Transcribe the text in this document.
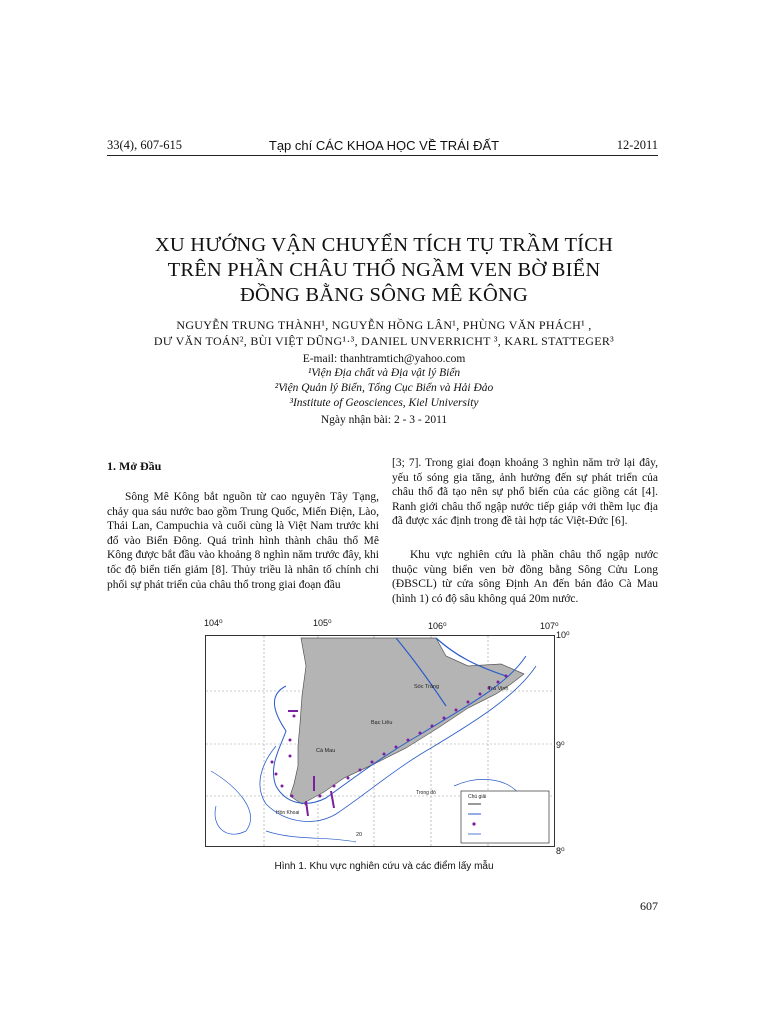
33(4), 607-615	Tạp chí CÁC KHOA HỌC VỀ TRÁI ĐẤT	12-2011
XU HƯỚNG VẬN CHUYỂN TÍCH TỤ TRẦM TÍCH
TRÊN PHẦN CHÂU THỔ NGẦM VEN BỜ BIỂN
ĐỒNG BẰNG SÔNG MÊ KÔNG
NGUYỄN TRUNG THÀNH¹, NGUYỄN HỒNG LÂN¹, PHÙNG VĂN PHÁCH¹ ,
DƯ VĂN TOÁN², BÙI VIỆT DŨNG¹·³, DANIEL UNVERRICHT ³, KARL STATTEGER³
E-mail: thanhtramtich@yahoo.com
¹Viện Địa chất và Địa vật lý Biển
²Viện Quản lý Biển, Tổng Cục Biển và Hải Đảo
³Institute of Geosciences, Kiel University
Ngày nhận bài: 2 - 3 - 2011
1. Mở Đầu
Sông Mê Kông bắt nguồn từ cao nguyên Tây Tạng, chảy qua sáu nước bao gồm Trung Quốc, Miến Điện, Lào, Thái Lan, Campuchia và cuối cùng là Việt Nam trước khi đổ vào Biển Đông. Quá trình hình thành châu thổ Mê Kông được bắt đầu vào khoảng 8 nghìn năm trước đây, khi tốc độ biển tiến giảm [8]. Thủy triều là nhân tố chính chi phối sự phát triển của châu thổ trong giai đoạn đầu
[3; 7]. Trong giai đoạn khoảng 3 nghìn năm trở lại đây, yếu tố sóng gia tăng, ảnh hưởng đến sự phát triển của châu thổ đã tạo nên sự phổ biến của các giồng cát [4]. Ranh giới châu thổ ngập nước tiếp giáp với thềm lục địa đã được xác định trong đề tài hợp tác Việt-Đức [6].
Khu vực nghiên cứu là phần châu thổ ngập nước thuộc vùng biển ven bờ đồng bằng Sông Cửu Long (ĐBSCL) từ cửa sông Định An đến bán đảo Cà Mau (hình 1) có độ sâu không quá 20m nước.
104⁰	105⁰	106⁰	107⁰
10⁰
9⁰
8⁰
Trà Vinh
Sóc Trăng
Bạc Liêu
Cà Mau
Hòn Khoai
Trong đó
20
Chú giải
Hình 1. Khu vực nghiên cứu và các điểm lấy mẫu
607
